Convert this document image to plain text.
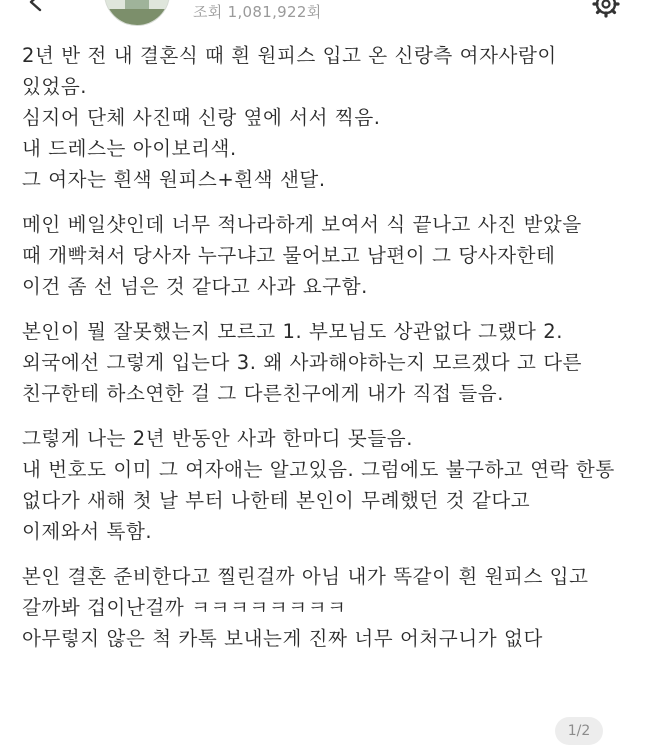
조회 1,081,922회
2년 반 전 내 결혼식 때 흰 원피스 입고 온 신랑측 여자사람이
있었음.
심지어 단체 사진때 신랑 옆에 서서 찍음.
내 드레스는 아이보리색.
그 여자는 흰색 원피스+흰색 샌달.
메인 베일샷인데 너무 적나라하게 보여서 식 끝나고 사진 받았을
때 개빡쳐서 당사자 누구냐고 물어보고 남편이 그 당사자한테
이건 좀 선 넘은 것 같다고 사과 요구함.
본인이 뭘 잘못했는지 모르고 1. 부모님도 상관없다 그랬다 2.
외국에선 그렇게 입는다 3. 왜 사과해야하는지 모르겠다 고 다른
친구한테 하소연한 걸 그 다른친구에게 내가 직접 들음.
그렇게 나는 2년 반동안 사과 한마디 못들음.
내 번호도 이미 그 여자애는 알고있음. 그럼에도 불구하고 연락 한통
없다가 새해 첫 날 부터 나한테 본인이 무례했던 것 같다고
이제와서 톡함.
본인 결혼 준비한다고 찔린걸까 아님 내가 똑같이 흰 원피스 입고
갈까봐 겁이난걸까 ㅋㅋㅋㅋㅋㅋㅋㅋ
아무렇지 않은 척 카톡 보내는게 진짜 너무 어처구니가 없다
1/2
